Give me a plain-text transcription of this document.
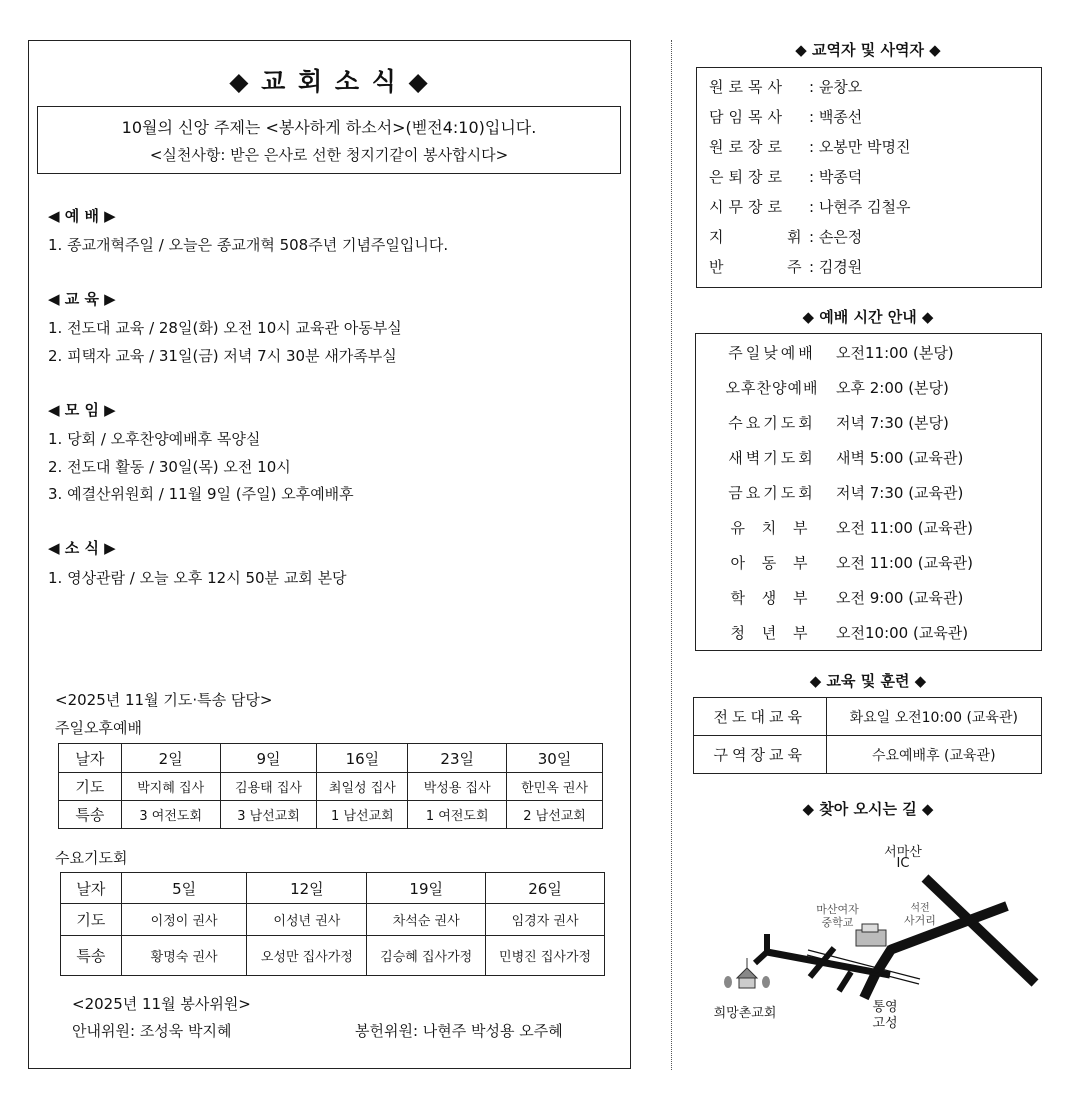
◆ 교 회 소 식 ◆
10월의 신앙 주제는 <봉사하게 하소서>(벧전4:10)입니다.
<실천사항: 받은 은사로 선한 청지기같이 봉사합시다>
◀ 예 배 ▶
1. 종교개혁주일 / 오늘은 종교개혁 508주년 기념주일입니다.
◀ 교 육 ▶
1. 전도대 교육 / 28일(화) 오전 10시 교육관 아동부실
2. 피택자 교육 / 31일(금) 저녁 7시 30분 새가족부실
◀ 모 임 ▶
1. 당회 / 오후찬양예배후 목양실
2. 전도대 활동 / 30일(목) 오전 10시
3. 예결산위원회 / 11월 9일 (주일) 오후예배후
◀ 소 식 ▶
1. 영상관람 / 오늘 오후 12시 50분 교회 본당
<2025년 11월 기도·특송 담당>
주일오후예배
날자	2일	9일	16일	23일	30일
기도	박지혜 집사	김용태 집사	최일성 집사	박성용 집사	한민옥 권사
특송	3 여전도회	3 남선교회	1 남선교회	1 여전도회	2 남선교회
수요기도회
날자	5일	12일	19일	26일
기도	이정이 권사	이성년 권사	차석순 권사	임경자 권사
특송	황명숙 권사	오성만 집사가정	김승혜 집사가정	민병진 집사가정
<2025년 11월 봉사위원>
안내위원: 조성욱 박지혜	봉헌위원: 나현주 박성용 오주혜
◆ 교역자 및 사역자 ◆
원로목사 : 윤창오
담임목사 : 백종선
원로장로 : 오봉만 박명진
은퇴장로 : 박종덕
시무장로 : 나현주 김철우
지      휘 : 손은정
반      주 : 김경원
◆ 예배 시간 안내 ◆
주일낮예배 오전11:00 (본당)
오후찬양예배 오후 2:00 (본당)
수요기도회 저녁 7:30 (본당)
새벽기도회 새벽 5:00 (교육관)
금요기도회 저녁 7:30 (교육관)
유 치 부 오전 11:00 (교육관)
아 동 부 오전 11:00 (교육관)
학 생 부 오전 9:00 (교육관)
청 년 부 오전10:00 (교육관)
◆ 교육 및 훈련 ◆
전도대교육	화요일 오전10:00 (교육관)
구역장교육	수요예배후 (교육관)
◆ 찾아 오시는 길 ◆
서마산
IC
마산여자
중학교
석전
사거리
희망촌교회	통영
고성
